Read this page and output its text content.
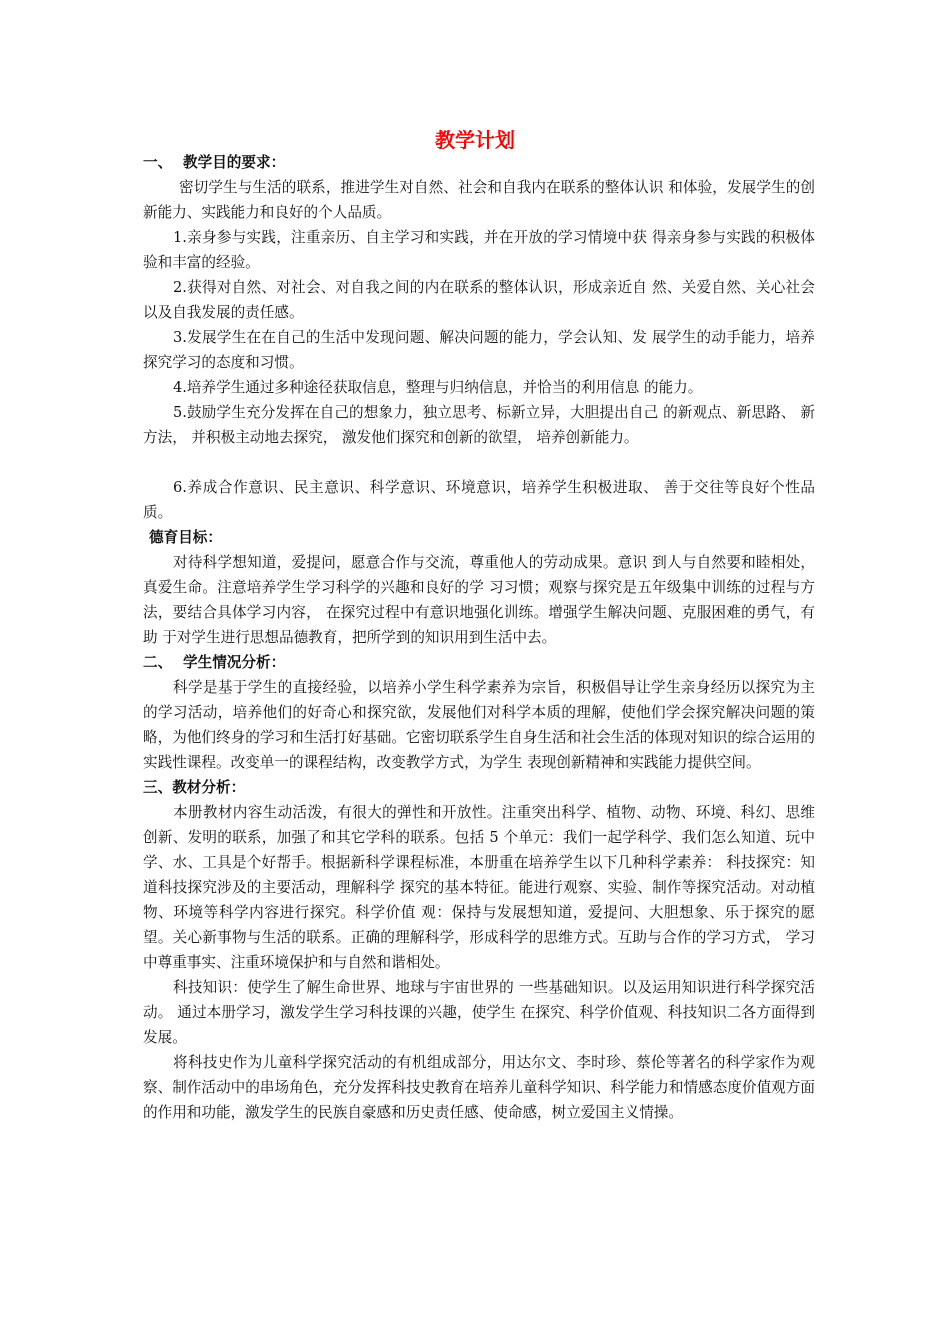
教学计划
一、 教学目的要求：

密切学生与生活的联系，推进学生对自然、社会和自我内在联系的整体认识 和体验，发展学生的创新能力、实践能力和良好的个人品质。

1.亲身参与实践，注重亲历、自主学习和实践，并在开放的学习情境中获 得亲身参与实践的积极体验和丰富的经验。

2.获得对自然、对社会、对自我之间的内在联系的整体认识，形成亲近自 然、关爱自然、关心社会以及自我发展的责任感。

3.发展学生在在自己的生活中发现问题、解决问题的能力，学会认知、发 展学生的动手能力，培养探究学习的态度和习惯。

4.培养学生通过多种途径获取信息，整理与归纳信息，并恰当的利用信息 的能力。

5.鼓励学生充分发挥在自己的想象力，独立思考、标新立异，大胆提出自己 的新观点、新思路、 新方法， 并积极主动地去探究， 激发他们探究和创新的欲望， 培养创新能力。

6.养成合作意识、民主意识、科学意识、环境意识，培养学生积极进取、 善于交往等良好个性品质。

德育目标：

对待科学想知道，爱提问，愿意合作与交流，尊重他人的劳动成果。意识 到人与自然要和睦相处，真爱生命。注意培养学生学习科学的兴趣和良好的学 习习惯；观察与探究是五年级集中训练的过程与方法，要结合具体学习内容， 在探究过程中有意识地强化训练。增强学生解决问题、克服困难的勇气，有助 于对学生进行思想品德教育，把所学到的知识用到生活中去。

二、 学生情况分析：

科学是基于学生的直接经验，以培养小学生科学素养为宗旨，积极倡导让学生亲身经历以探究为主的学习活动，培养他们的好奇心和探究欲，发展他们对科学本质的理解，使他们学会探究解决问题的策略，为他们终身的学习和生活打好基础。它密切联系学生自身生活和社会生活的体现对知识的综合运用的实践性课程。改变单一的课程结构，改变教学方式，为学生 表现创新精神和实践能力提供空间。

三、教材分析：

本册教材内容生动活泼，有很大的弹性和开放性。注重突出科学、植物、动物、环境、科幻、思维 创新、发明的联系，加强了和其它学科的联系。包括 5 个单元：我们一起学科学、我们怎么知道、玩中学、水、工具是个好帮手。根据新科学课程标准，本册重在培养学生以下几种科学素养： 科技探究：知道科技探究涉及的主要活动，理解科学 探究的基本特征。能进行观察、实验、制作等探究活动。对动植物、环境等科学内容进行探究。科学价值 观：保持与发展想知道，爱提问、大胆想象、乐于探究的愿望。关心新事物与生活的联系。正确的理解科学，形成科学的思维方式。互助与合作的学习方式， 学习中尊重事实、注重环境保护和与自然和谐相处。

科技知识：使学生了解生命世界、地球与宇宙世界的 一些基础知识。以及运用知识进行科学探究活动。 通过本册学习，激发学生学习科技课的兴趣，使学生 在探究、科学价值观、科技知识二各方面得到发展。

将科技史作为儿童科学探究活动的有机组成部分，用达尔文、李时珍、蔡伦等著名的科学家作为观察、制作活动中的串场角色，充分发挥科技史教育在培养儿童科学知识、科学能力和情感态度价值观方面的作用和功能，激发学生的民族自豪感和历史责任感、使命感，树立爱国主义情操。
